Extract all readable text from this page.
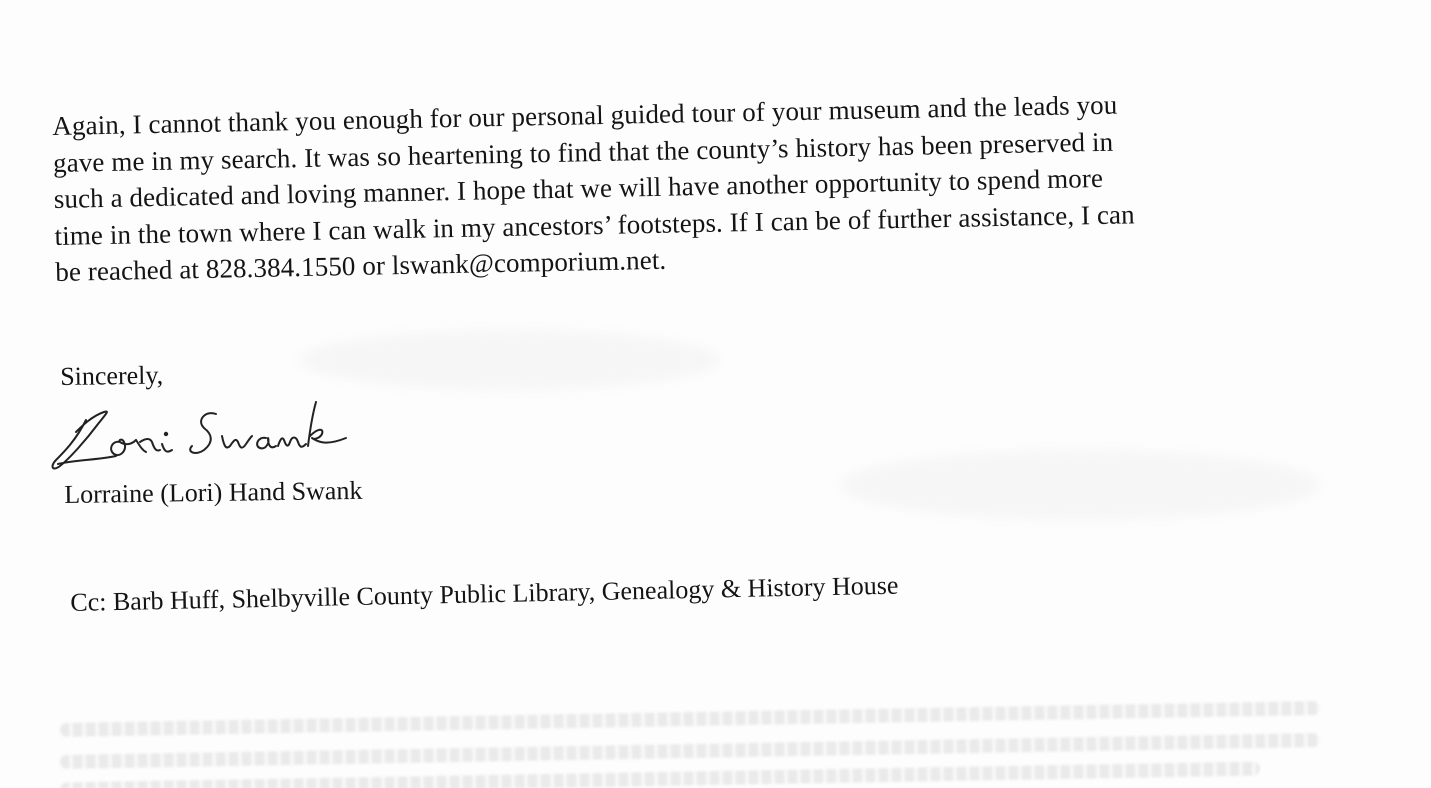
Again, I cannot thank you enough for our personal guided tour of your museum and the leads you
gave me in my search. It was so heartening to find that the county’s history has been preserved in
such a dedicated and loving manner. I hope that we will have another opportunity to spend more
time in the town where I can walk in my ancestors’ footsteps. If I can be of further assistance, I can
be reached at 828.384.1550 or lswank@comporium.net.
Sincerely,
Lorraine (Lori) Hand Swank
Cc: Barb Huff, Shelbyville County Public Library, Genealogy & History House
